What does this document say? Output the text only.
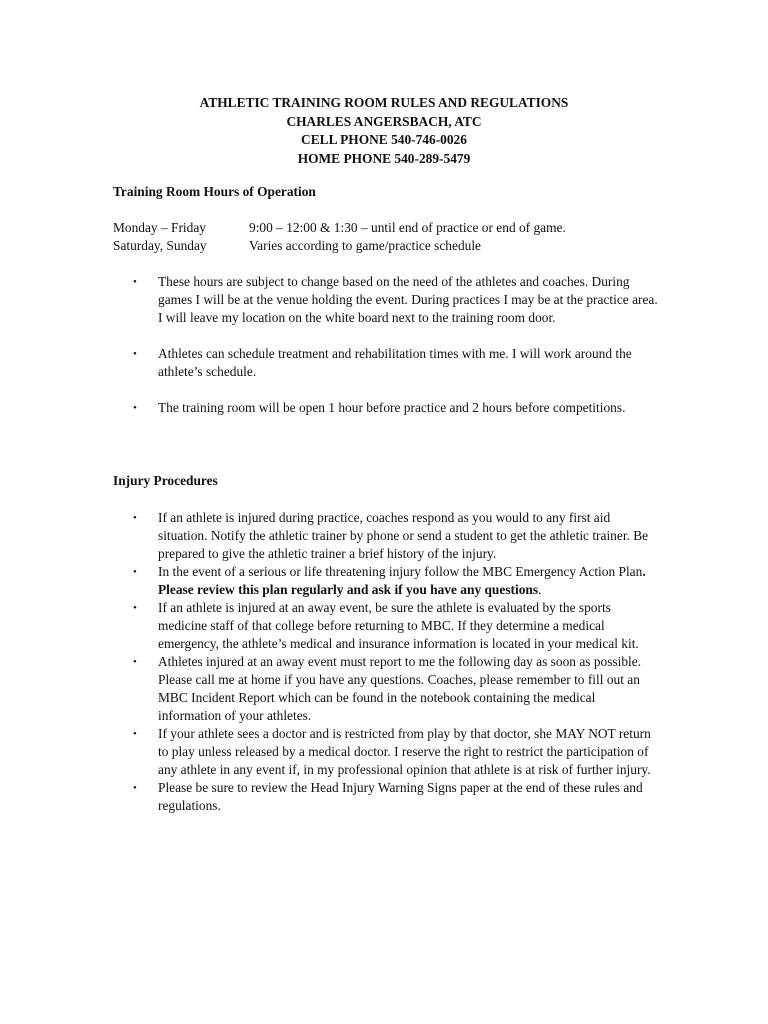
ATHLETIC TRAINING ROOM RULES AND REGULATIONS
CHARLES ANGERSBACH, ATC
CELL PHONE 540-746-0026
HOME PHONE 540-289-5479
Training Room Hours of Operation
Monday – Friday	9:00 – 12:00 & 1:30 – until end of practice or end of game.
Saturday, Sunday	Varies according to game/practice schedule
• These hours are subject to change based on the need of the athletes and coaches. During games I will be at the venue holding the event. During practices I may be at the practice area. I will leave my location on the white board next to the training room door.
• Athletes can schedule treatment and rehabilitation times with me. I will work around the athlete’s schedule.
• The training room will be open 1 hour before practice and 2 hours before competitions.
Injury Procedures
• If an athlete is injured during practice, coaches respond as you would to any first aid situation. Notify the athletic trainer by phone or send a student to get the athletic trainer. Be prepared to give the athletic trainer a brief history of the injury.
• In the event of a serious or life threatening injury follow the MBC Emergency Action Plan. Please review this plan regularly and ask if you have any questions.
• If an athlete is injured at an away event, be sure the athlete is evaluated by the sports medicine staff of that college before returning to MBC. If they determine a medical emergency, the athlete’s medical and insurance information is located in your medical kit.
• Athletes injured at an away event must report to me the following day as soon as possible. Please call me at home if you have any questions. Coaches, please remember to fill out an MBC Incident Report which can be found in the notebook containing the medical information of your athletes.
• If your athlete sees a doctor and is restricted from play by that doctor, she MAY NOT return to play unless released by a medical doctor. I reserve the right to restrict the participation of any athlete in any event if, in my professional opinion that athlete is at risk of further injury.
• Please be sure to review the Head Injury Warning Signs paper at the end of these rules and regulations.
